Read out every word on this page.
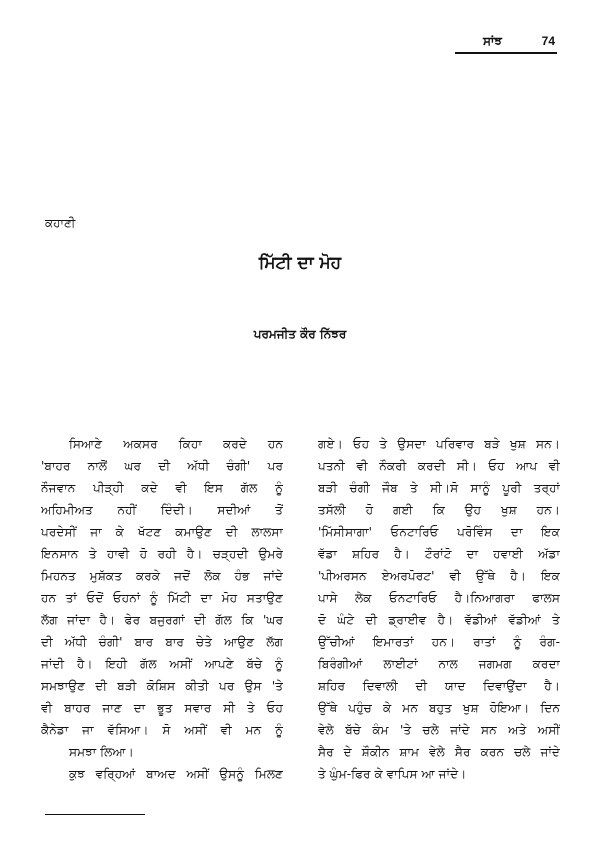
ਸਾਂਝ	74
ਕਹਾਣੀ
ਮਿੱਟੀ ਦਾ ਮੋਹ
ਪਰਮਜੀਤ ਕੌਰ ਨਿੱਝਰ
ਸਿਆਣੇ ਅਕਸਰ ਕਿਹਾ ਕਰਦੇ ਹਨ
'ਬਾਹਰ ਨਾਲੋਂ ਘਰ ਦੀ ਅੱਧੀ ਚੰਗੀ' ਪਰ
ਨੌਜਵਾਨ ਪੀੜ੍ਹੀ ਕਦੇ ਵੀ ਇਸ ਗੱਲ ਨੂੰ
ਅਹਿਮੀਅਤ ਨਹੀਂ ਦਿੰਦੀ। ਸਦੀਆਂ ਤੋਂ
ਪਰਦੇਸੀਂ ਜਾ ਕੇ ਖੱਟਣ ਕਮਾਉਣ ਦੀ ਲਾਲਸਾ
ਇਨਸਾਨ ਤੇ ਹਾਵੀ ਹੋ ਰਹੀ ਹੈ। ਚੜ੍ਹਦੀ ਉਮਰੇ
ਮਿਹਨਤ ਮੁਸ਼ੱਕਤ ਕਰਕੇ ਜਦੋਂ ਲੋਕ ਹੰਭ ਜਾਂਦੇ
ਹਨ ਤਾਂ ਓਦੋਂ ਓਹਨਾਂ ਨੂੰ ਮਿੱਟੀ ਦਾ ਮੋਹ ਸਤਾਉਣ
ਲੱਗ ਜਾਂਦਾ ਹੈ। ਫੇਰ ਬਜੁਰਗਾਂ ਦੀ ਗੱਲ ਕਿ 'ਘਰ
ਦੀ ਅੱਧੀ ਚੰਗੀ' ਬਾਰ ਬਾਰ ਚੇਤੇ ਆਉਣ ਲੱਗ
ਜਾਂਦੀ ਹੈ। ਇਹੀ ਗੱਲ ਅਸੀਂ ਆਪਣੇ ਬੱਚੇ ਨੂੰ
ਸਮਝਾਉਣ ਦੀ ਬੜੀ ਕੋਸ਼ਿਸ ਕੀਤੀ ਪਰ ਉਸ 'ਤੇ
ਵੀ ਬਾਹਰ ਜਾਣ ਦਾ ਭੂਤ ਸਵਾਰ ਸੀ ਤੇ ਓਹ
ਕੈਨੇਡਾ ਜਾ ਵੱਸਿਆ। ਸੋ ਅਸੀਂ ਵੀ ਮਨ ਨੂੰ
ਸਮਝਾ ਲਿਆ।
ਕੁਝ ਵਰ੍ਹਿਆਂ ਬਾਅਦ ਅਸੀਂ ਉਸਨੂੰ ਮਿਲਣ
ਗਏ। ਓਹ ਤੇ ਉਸਦਾ ਪਰਿਵਾਰ ਬੜੇ ਖੁਸ਼ ਸਨ।
ਪਤਨੀ ਵੀ ਨੌਕਰੀ ਕਰਦੀ ਸੀ। ਓਹ ਆਪ ਵੀ
ਬੜੀ ਚੰਗੀ ਜੌਬ ਤੇ ਸੀ।ਸੋ ਸਾਨੂੰ ਪੂਰੀ ਤਰ੍ਹਾਂ
ਤਸੱਲੀ ਹੋ ਗਈ ਕਿ ਉਹ ਖੁਸ਼ ਹਨ।
'ਮਿੱਸੀਸਾਗਾ' ਓਨਟਾਰਿਓ ਪਰੋਵਿੰਸ ਦਾ ਇਕ
ਵੱਡਾ ਸ਼ਹਿਰ ਹੈ। ਟੌਰਾਂਟੋ ਦਾ ਹਵਾਈ ਅੱਡਾ
'ਪੀਅਰਸਨ ਏਅਰਪੋਰਟ' ਵੀ ਉੱਥੇ ਹੈ। ਇਕ
ਪਾਸੇ ਲੇਕ ਓਨਟਾਰਿਓ ਹੈ।ਨਿਆਗਰਾ ਫਾਲਸ
ਦੋ ਘੰਟੇ ਦੀ ਡ੍ਰਾਈਵ ਹੈ। ਵੱਡੀਆਂ ਵੱਡੀਆਂ ਤੇ
ਉੱਚੀਆਂ ਇਮਾਰਤਾਂ ਹਨ। ਰਾਤਾਂ ਨੂੰ ਰੰਗ-
ਬਿਰੰਗੀਆਂ ਲਾਈਟਾਂ ਨਾਲ ਜਗਮਗ ਕਰਦਾ
ਸ਼ਹਿਰ ਦਿਵਾਲੀ ਦੀ ਯਾਦ ਦਿਵਾਉਂਦਾ ਹੈ।
ਉੱਥੇ ਪਹੁੰਚ ਕੇ ਮਨ ਬਹੁਤ ਖੁਸ਼ ਹੋਇਆ। ਦਿਨ
ਵੇਲੇ ਬੱਚੇ ਕੰਮ 'ਤੇ ਚਲੇ ਜਾਂਦੇ ਸਨ ਅਤੇ ਅਸੀਂ
ਸੈਰ ਦੇ ਸ਼ੌਕੀਨ ਸ਼ਾਮ ਵੇਲੇ ਸੈਰ ਕਰਨ ਚਲੇ ਜਾਂਦੇ
ਤੇ ਘੁੰਮ-ਫਿਰ ਕੇ ਵਾਪਿਸ ਆ ਜਾਂਦੇ।
